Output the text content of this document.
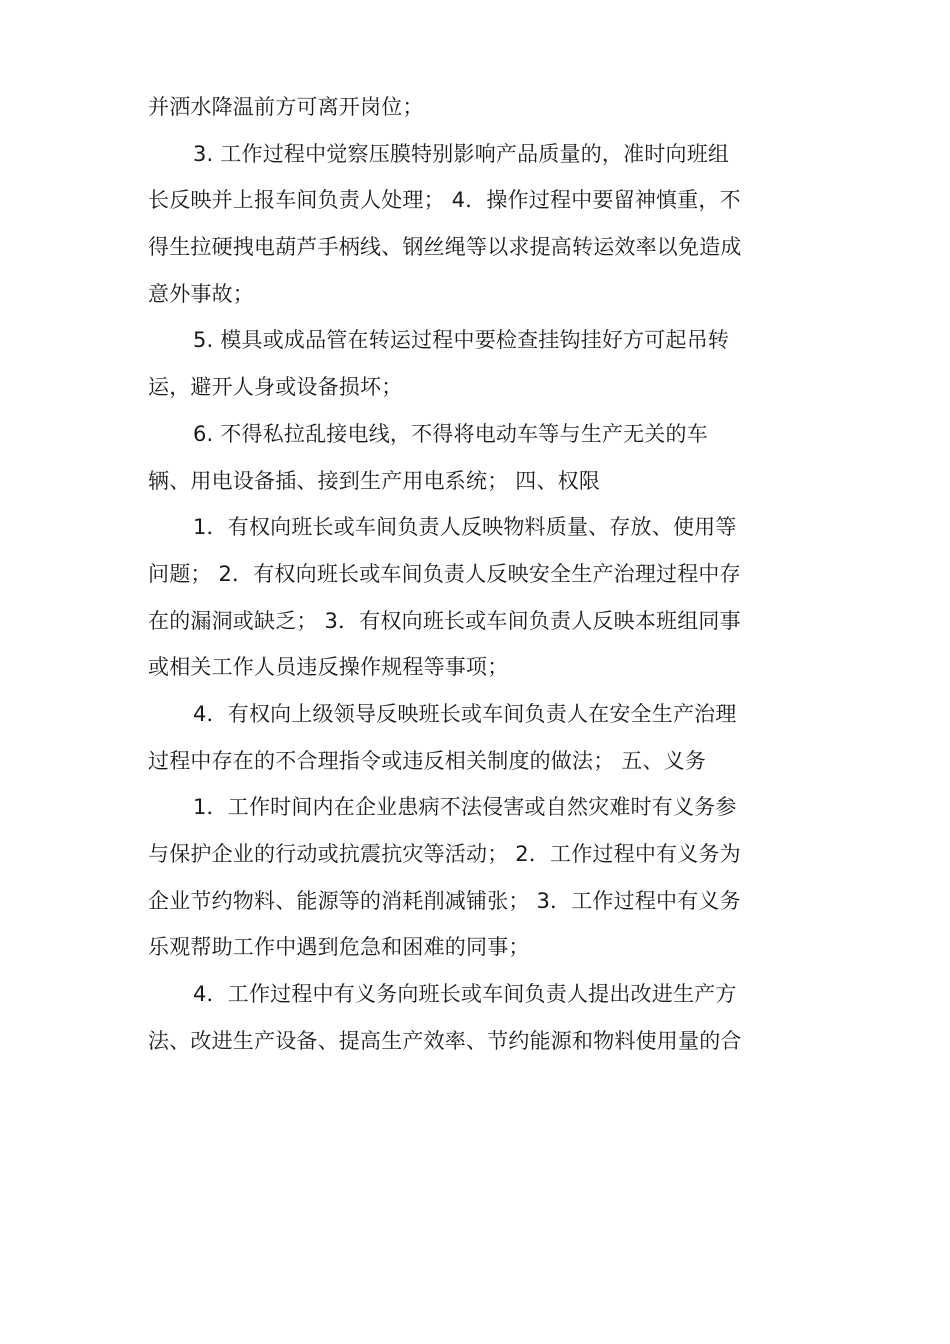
并洒水降温前方可离开岗位；
3. 工作过程中觉察压膜特别影响产品质量的，准时向班组
长反映并上报车间负责人处理； 4．操作过程中要留神慎重，不
得生拉硬拽电葫芦手柄线、钢丝绳等以求提高转运效率以免造成
意外事故；
5. 模具或成品管在转运过程中要检查挂钩挂好方可起吊转
运，避开人身或设备损坏；
6. 不得私拉乱接电线，不得将电动车等与生产无关的车
辆、用电设备插、接到生产用电系统； 四、权限
1．有权向班长或车间负责人反映物料质量、存放、使用等
问题； 2．有权向班长或车间负责人反映安全生产治理过程中存
在的漏洞或缺乏； 3．有权向班长或车间负责人反映本班组同事
或相关工作人员违反操作规程等事项；
4．有权向上级领导反映班长或车间负责人在安全生产治理
过程中存在的不合理指令或违反相关制度的做法； 五、义务
1．工作时间内在企业患病不法侵害或自然灾难时有义务参
与保护企业的行动或抗震抗灾等活动； 2．工作过程中有义务为
企业节约物料、能源等的消耗削减铺张； 3．工作过程中有义务
乐观帮助工作中遇到危急和困难的同事；
4．工作过程中有义务向班长或车间负责人提出改进生产方
法、改进生产设备、提高生产效率、节约能源和物料使用量的合
